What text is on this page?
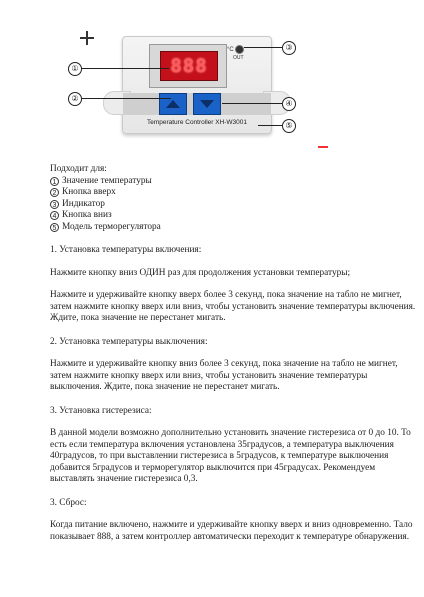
888
°C
OUT
Temperature Controller XH-W3001
①
②
③
④
⑤

Подходит для:

1 Значение температуры
2 Кнопка вверх
3 Индикатор
4 Кнопка вниз
5 Модель терморегулятора

1. Установка температуры включения:

Нажмите кнопку вниз ОДИН раз для продолжения установки температуры;

Нажмите и удерживайте кнопку вверх более 3 секунд, пока значение на табло не мигнет, затем нажмите кнопку вверх или вниз, чтобы установить значение температуры включения. Ждите, пока значение не перестанет мигать.

2. Установка температуры выключения:

Нажмите и удерживайте кнопку вниз более 3 секунд, пока значение на табло не мигнет, затем нажмите кнопку вверх или вниз, чтобы установить значение температуры выключения. Ждите, пока значение не перестанет мигать.

3. Установка гистерезиса:

В данной модели возможно дополнительно установить значение гистерезиса от 0 до 10. То есть если температура включения установлена 35градусов, а температура выключения 40градусов, то при выставлении гистерезиса в 5градусов, к температуре выключения добавится 5градусов и терморегулятор выключится при 45градусах. Рекомендуем выставлять значение гистерезиса 0,3.

3. Сброс:

Когда питание включено, нажмите и удерживайте кнопку вверх и вниз одновременно. Тало показывает 888, а затем контроллер автоматически переходит к температуре обнаружения.
